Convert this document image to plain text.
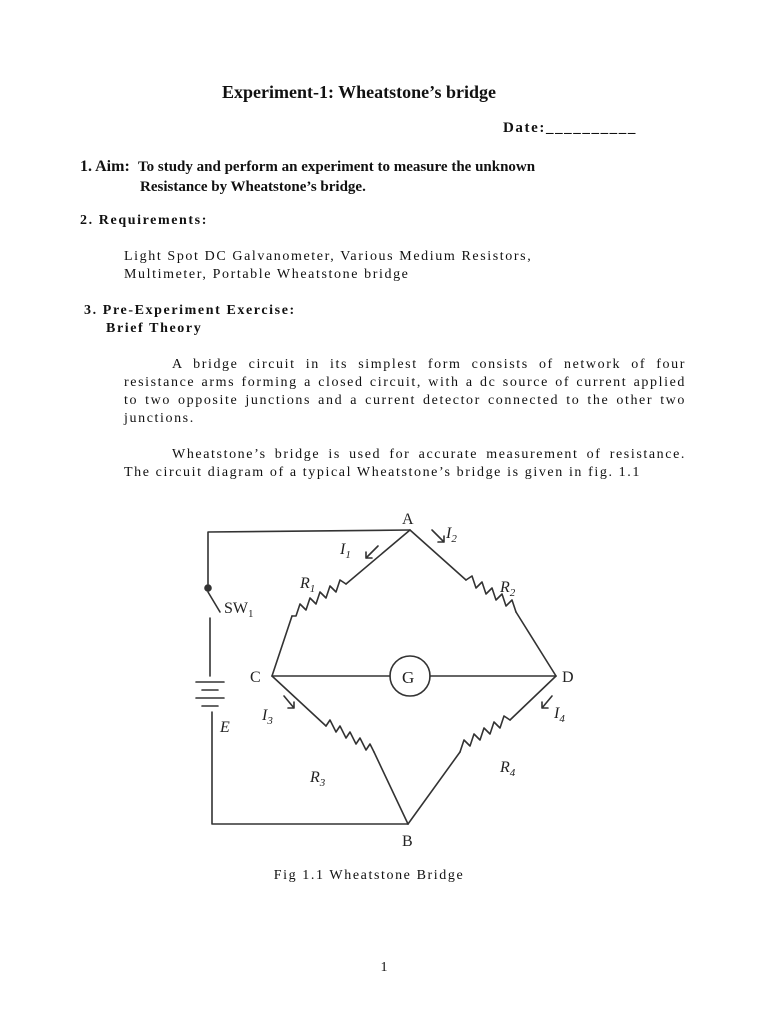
Experiment-1: Wheatstone’s bridge
Date:__________
1. Aim: To study and perform an experiment to measure the unknown
Resistance by Wheatstone’s bridge.
2. Requirements:
Light Spot DC Galvanometer, Various Medium Resistors,
Multimeter, Portable Wheatstone bridge
3. Pre-Experiment Exercise:
Brief Theory
A bridge circuit in its simplest form consists of network of four resistance arms forming a closed circuit, with a dc source of current applied to two opposite junctions and a current detector connected to the other two junctions.
Wheatstone’s bridge is used for accurate measurement of resistance. The circuit diagram of a typical Wheatstone’s bridge is given in fig. 1.1
A
B
C	D
G
$SW_1$
E
$I_1$
$I_2$
$I_3$	$I_4$
$R_1$	$R_2$
$R_3$
$R_4$
Fig 1.1 Wheatstone Bridge
1
